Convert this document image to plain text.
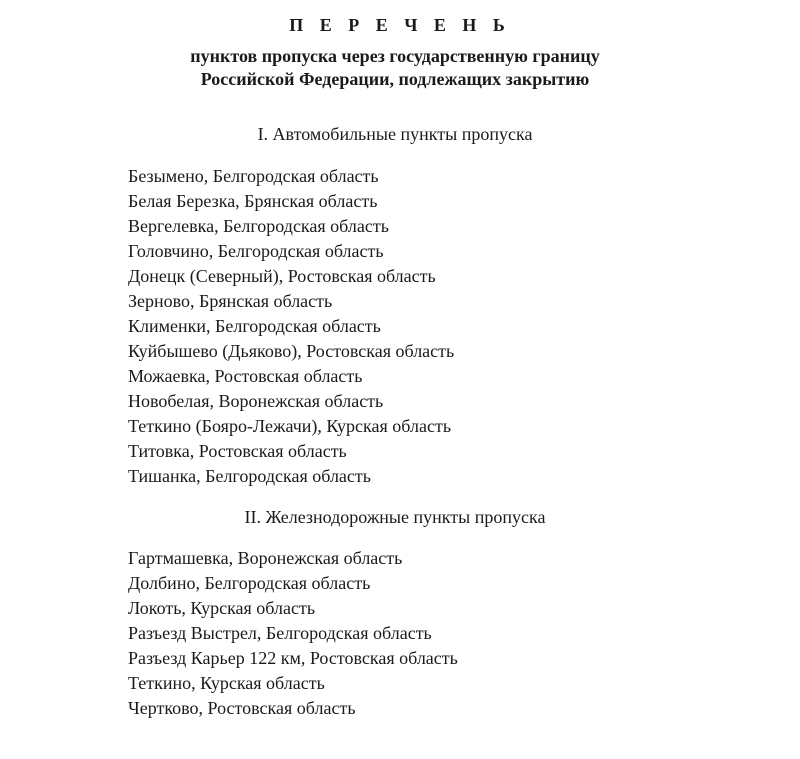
П Е Р Е Ч Е Н Ь
пунктов пропуска через государственную границу
Российской Федерации, подлежащих закрытию
I. Автомобильные пункты пропуска
Безымено, Белгородская область
Белая Березка, Брянская область
Вергелевка, Белгородская область
Головчино, Белгородская область
Донецк (Северный), Ростовская область
Зерново, Брянская область
Клименки, Белгородская область
Куйбышево (Дьяково), Ростовская область
Можаевка, Ростовская область
Новобелая, Воронежская область
Теткино (Бояро-Лежачи), Курская область
Титовка, Ростовская область
Тишанка, Белгородская область
II. Железнодорожные пункты пропуска
Гартмашевка, Воронежская область
Долбино, Белгородская область
Локоть, Курская область
Разъезд Выстрел, Белгородская область
Разъезд Карьер 122 км, Ростовская область
Теткино, Курская область
Чертково, Ростовская область
